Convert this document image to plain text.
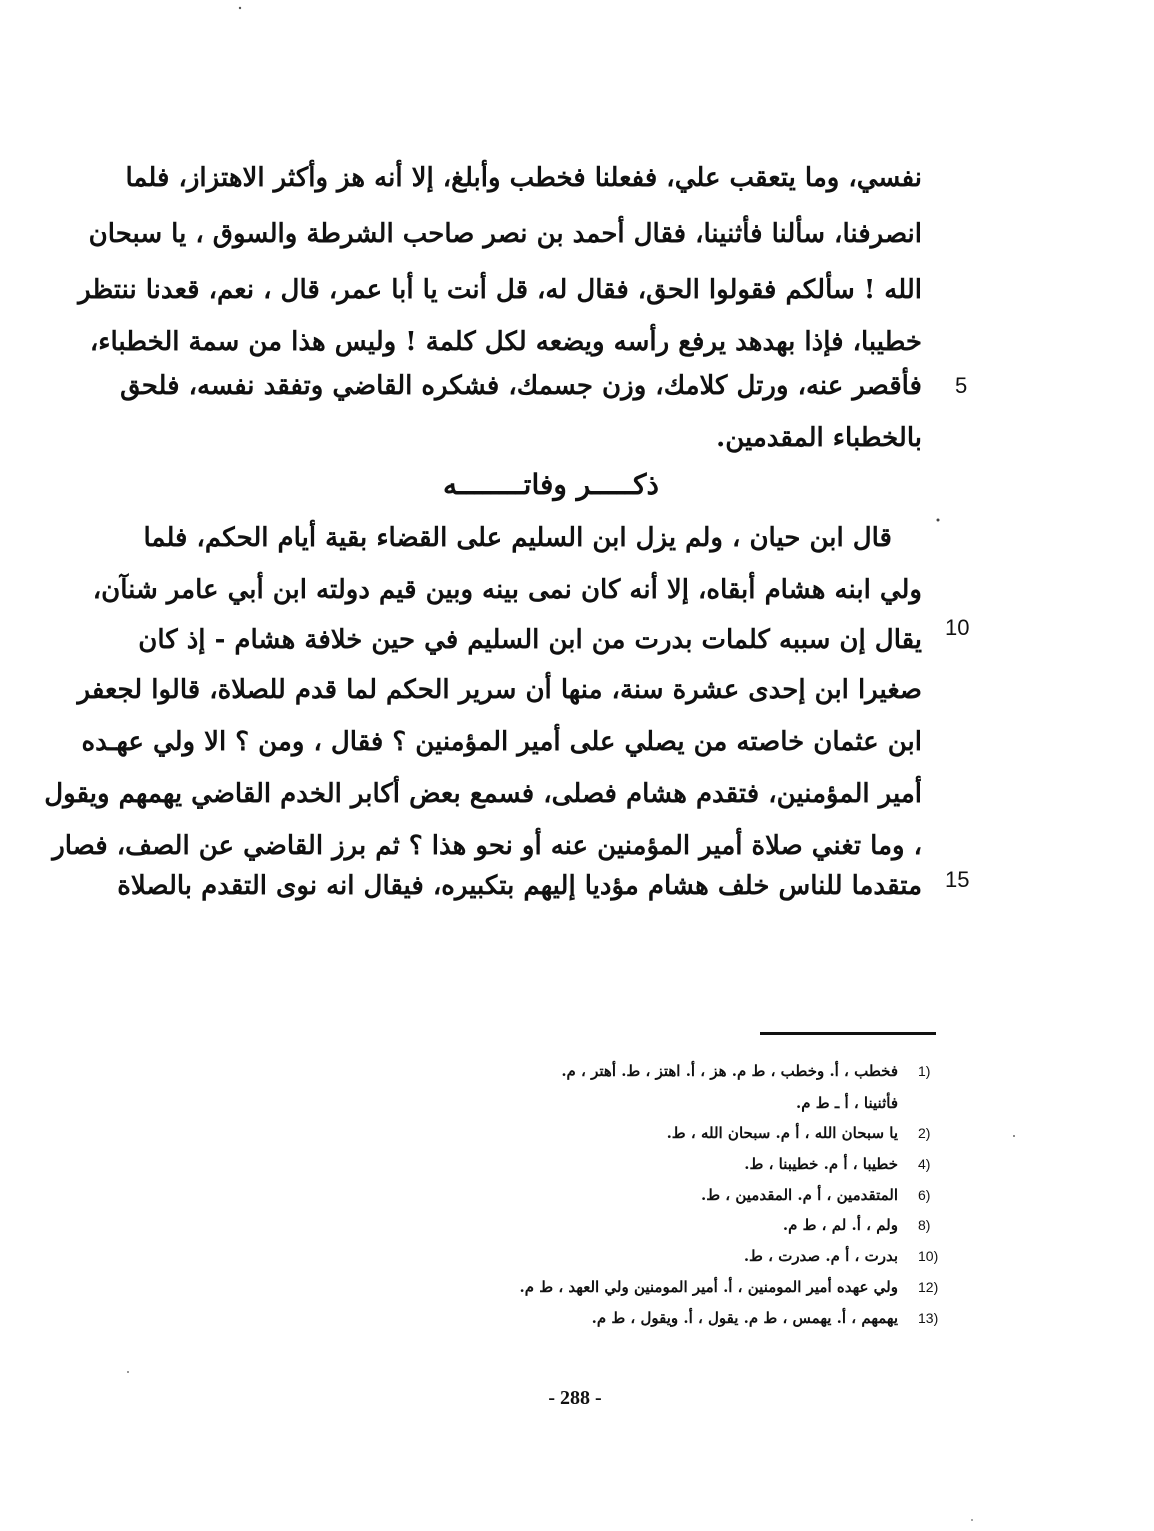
نفسي، وما يتعقب علي، ففعلنا فخطب وأبلغ، إلا أنه هز وأكثر الاهتزاز، فلما
انصرفنا، سألنا فأثنينا، فقال أحمد بن نصر صاحب الشرطة والسوق ، يا سبحان
الله ! سألكم فقولوا الحق، فقال له، قل أنت يا أبا عمر، قال ، نعم، قعدنا ننتظر
خطيبا، فإذا بهدهد يرفع رأسه ويضعه لكل كلمة ! وليس هذا من سمة الخطباء،
فأقصر عنه، ورتل كلامك، وزن جسمك، فشكره القاضي وتفقد نفسه، فلحق 5
بالخطباء المقدمين.
ذكـــــر وفاتــــــــه
قال ابن حيان ، ولم يزل ابن السليم على القضاء بقية أيام الحكم، فلما
ولي ابنه هشام أبقاه، إلا أنه كان نمى بينه وبين قيم دولته ابن أبي عامر شنآن،
يقال إن سببه كلمات بدرت من ابن السليم في حين خلافة هشام - إذ كان 10
صغيرا ابن إحدى عشرة سنة، منها أن سرير الحكم لما قدم للصلاة، قالوا لجعفر
ابن عثمان خاصته من يصلي على أمير المؤمنين ؟ فقال ، ومن ؟ الا ولي عهـده
أمير المؤمنين، فتقدم هشام فصلى، فسمع بعض أكابر الخدم القاضي يهمهم ويقول
، وما تغني صلاة أمير المؤمنين عنه أو نحو هذا ؟ ثم برز القاضي عن الصف، فصار
متقدما للناس خلف هشام مؤديا إليهم بتكبيره، فيقال انه نوى التقدم بالصلاة 15
1)
فخطب ، أ. وخطب ، ط م. هز ، أ. اهتز ، ط. أهتر ، م.
فأثنينا ، أ ـ ط م.
2)
يا سبحان الله ، أ م. سبحان الله ، ط.
4)
خطيبا ، أ م. خطيبنا ، ط.
6)
المتقدمين ، أ م. المقدمين ، ط.
8)
ولم ، أ. لم ، ط م.
10)
بدرت ، أ م. صدرت ، ط.
12)
ولي عهده أمير المومنين ، أ. أمير المومنين ولي العهد ، ط م.
13)
يهمهم ، أ. يهمس ، ط م. يقول ، أ. ويقول ، ط م.
- 288 -
